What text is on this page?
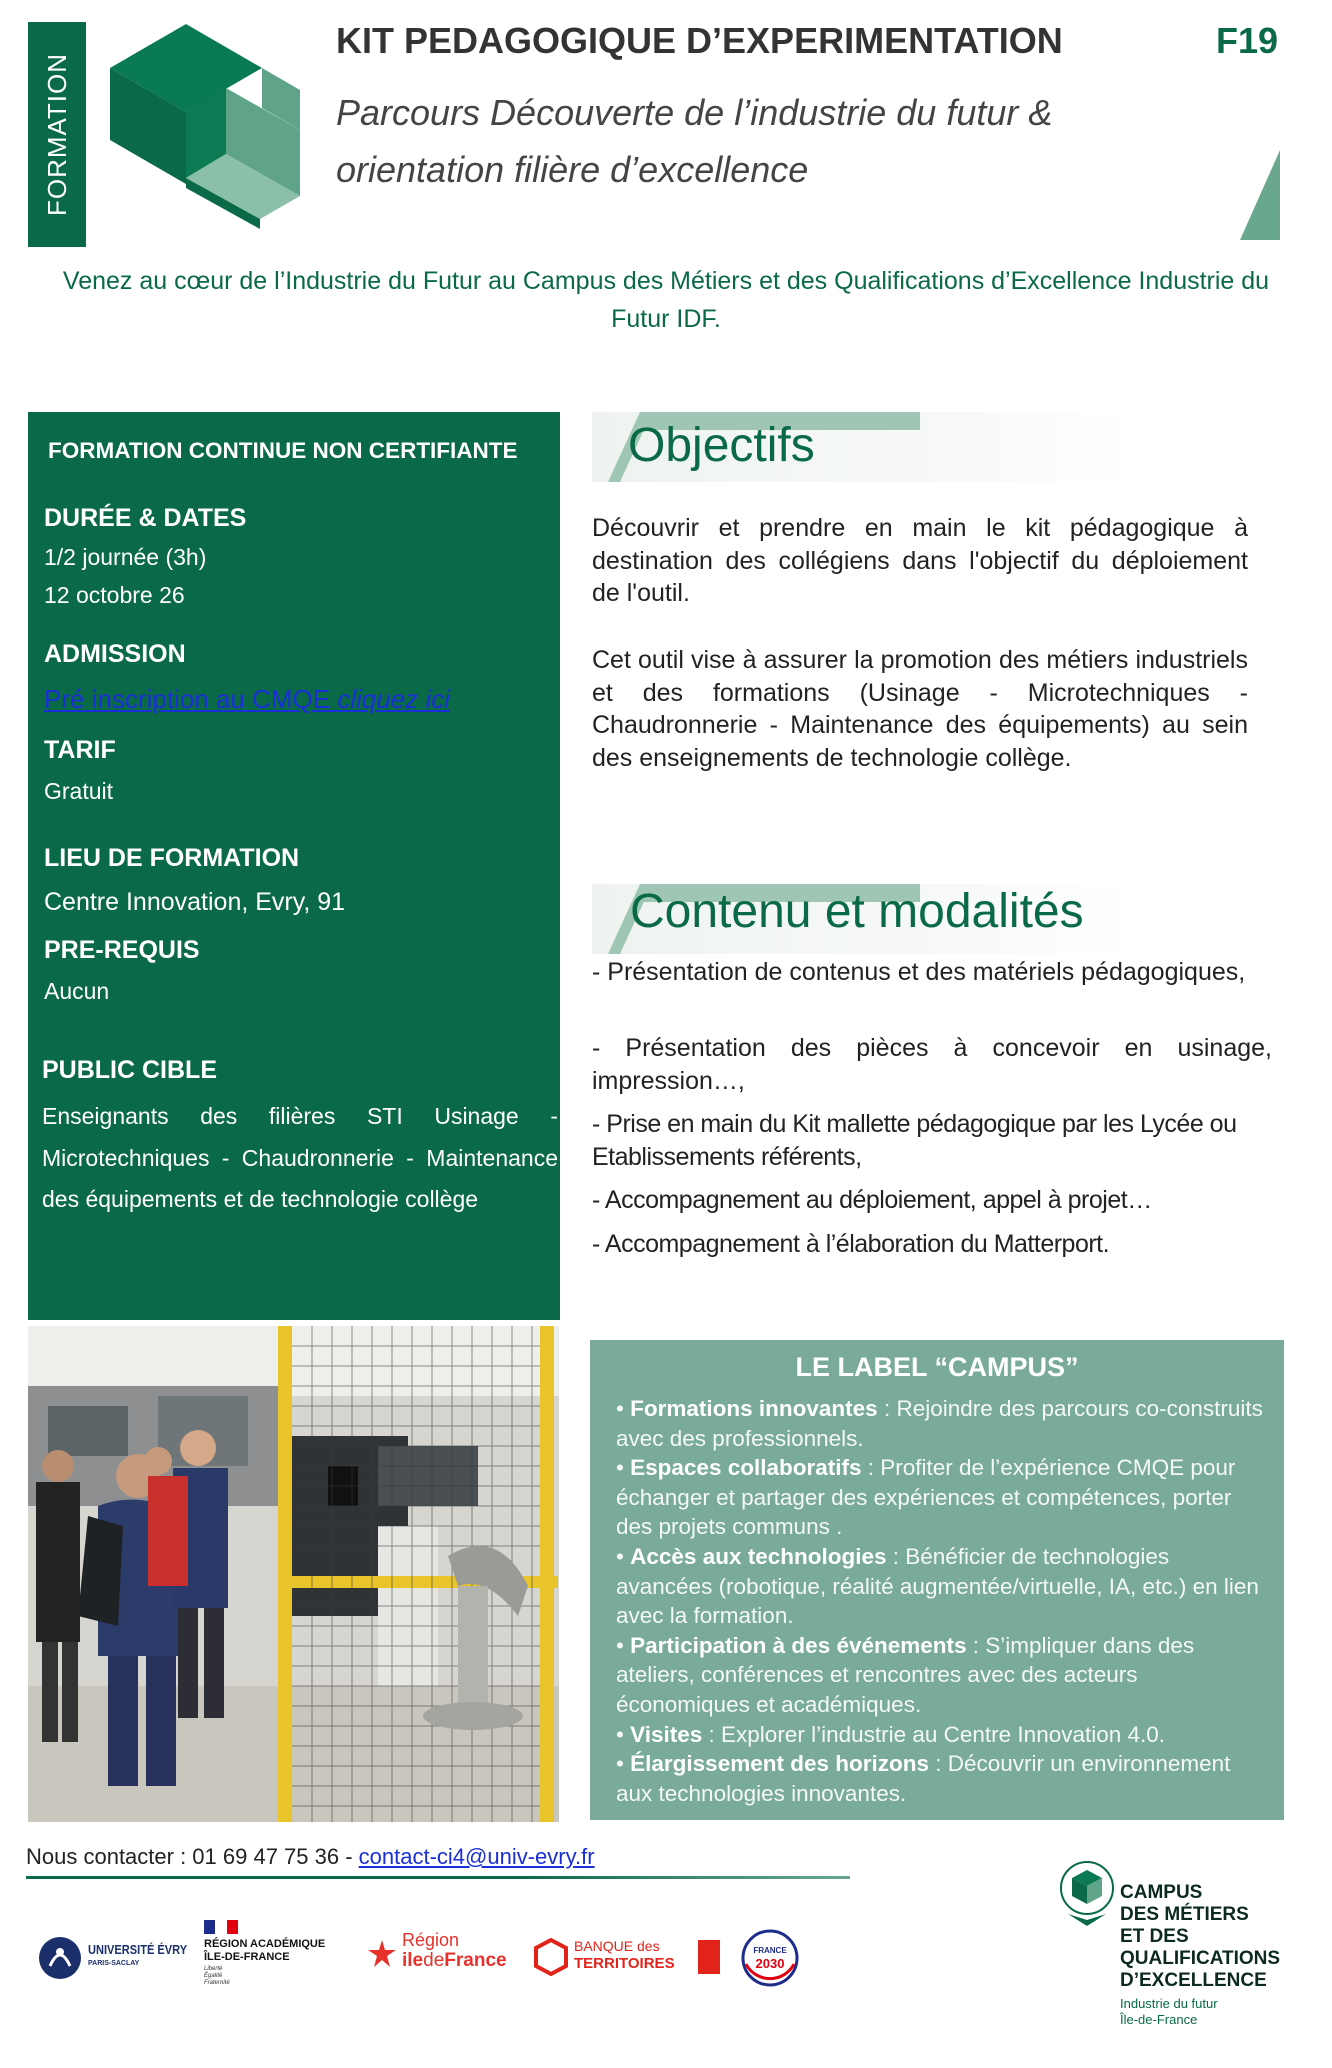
FORMATION
KIT PEDAGOGIQUE D’EXPERIMENTATION	F19
Parcours Découverte de l’industrie du futur & orientation filière d’excellence
Venez au cœur de l’Industrie du Futur au Campus des Métiers et des Qualifications d’Excellence Industrie du Futur IDF.
FORMATION CONTINUE NON CERTIFIANTE
DURÉE & DATES
1/2 journée (3h)
12 octobre 26
ADMISSION
Pré inscription au CMQE cliquez ici
TARIF
Gratuit
LIEU DE FORMATION
Centre Innovation, Evry, 91
PRE-REQUIS
Aucun
PUBLIC CIBLE
Enseignants des filières STI Usinage - Microtechniques - Chaudronnerie - Maintenance des équipements et de technologie collège
Objectifs
Découvrir et prendre en main le kit pédagogique à destination des collégiens dans l'objectif du déploiement de l'outil.
Cet outil vise à assurer la promotion des métiers industriels et des formations (Usinage - Microtechniques - Chaudronnerie - Maintenance des équipements) au sein des enseignements de technologie collège.
Contenu et modalités
- Présentation de contenus et des matériels pédagogiques,
- Présentation des pièces à concevoir en usinage, impression…,
- Prise en main du Kit mallette pédagogique par les Lycée ou Etablissements référents,
- Accompagnement au déploiement, appel à projet…
- Accompagnement à l’élaboration du Matterport.
LE LABEL “CAMPUS”
• Formations innovantes : Rejoindre des parcours co-construits avec des professionnels.
• Espaces collaboratifs : Profiter de l’expérience CMQE pour échanger et partager des expériences et compétences, porter des projets communs .
• Accès aux technologies : Bénéficier de technologies avancées (robotique, réalité augmentée/virtuelle, IA, etc.) en lien avec la formation.
• Participation à des événements : S’impliquer dans des ateliers, conférences et rencontres avec des acteurs économiques et académiques.
• Visites : Explorer l’industrie au Centre Innovation 4.0.
• Élargissement des horizons : Découvrir un environnement aux technologies innovantes.
Nous contacter : 01 69 47 75 36 - contact-ci4@univ-evry.fr
UNIVERSITÉ ÉVRY
PARIS-SACLAY
RÉGION ACADÉMIQUE
ÎLE-DE-FRANCE
Liberté
Égalité
Fraternité
Région
iledeFrance
BANQUE des
TERRITOIRES
FRANCE
2030
CAMPUS
DES MÉTIERS
ET DES
QUALIFICATIONS
D’EXCELLENCE
Industrie du futur
Île-de-France
